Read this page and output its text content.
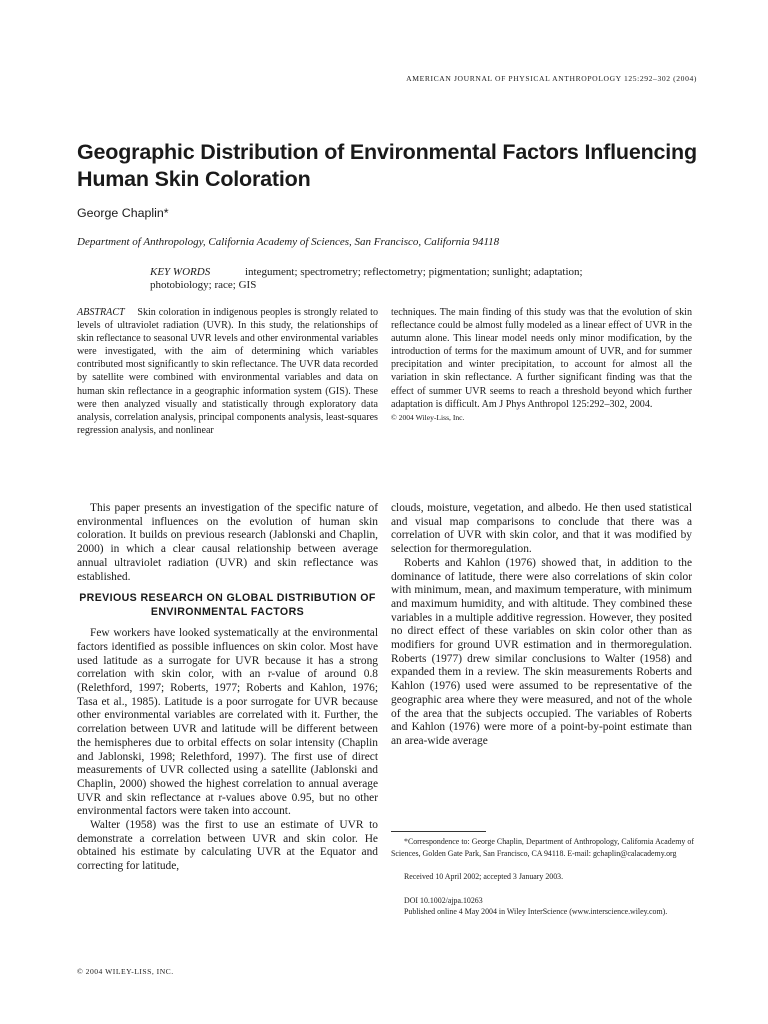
AMERICAN JOURNAL OF PHYSICAL ANTHROPOLOGY 125:292–302 (2004)
Geographic Distribution of Environmental Factors Influencing Human Skin Coloration
George Chaplin*
Department of Anthropology, California Academy of Sciences, San Francisco, California 94118
KEY WORDS	integument; spectrometry; reflectometry; pigmentation; sunlight; adaptation;
photobiology; race; GIS

ABSTRACT Skin coloration in indigenous peoples is strongly related to levels of ultraviolet radiation (UVR). In this study, the relationships of skin reflectance to seasonal UVR levels and other environmental variables were investigated, with the aim of determining which variables contributed most significantly to skin reflectance. The UVR data recorded by satellite were combined with environmental variables and data on human skin reflectance in a geographic information system (GIS). These were then analyzed visually and statistically through exploratory data analysis, correlation analysis, principal components analysis, least-squares regression analysis, and nonlinear

techniques. The main finding of this study was that the evolution of skin reflectance could be almost fully modeled as a linear effect of UVR in the autumn alone. This linear model needs only minor modification, by the introduction of terms for the maximum amount of UVR, and for summer precipitation and winter precipitation, to account for almost all the variation in skin reflectance. A further significant finding was that the effect of summer UVR seems to reach a threshold beyond which further adaptation is difficult. Am J Phys Anthropol 125:292–302, 2004.

© 2004 Wiley-Liss, Inc.

This paper presents an investigation of the specific nature of environmental influences on the evolution of human skin coloration. It builds on previous research (Jablonski and Chaplin, 2000) in which a clear causal relationship between average annual ultraviolet radiation (UVR) and skin reflectance was established.

PREVIOUS RESEARCH ON GLOBAL DISTRIBUTION OF ENVIRONMENTAL FACTORS

Few workers have looked systematically at the environmental factors identified as possible influences on skin color. Most have used latitude as a surrogate for UVR because it has a strong correlation with skin color, with an r-value of around 0.8 (Relethford, 1997; Roberts, 1977; Roberts and Kahlon, 1976; Tasa et al., 1985). Latitude is a poor surrogate for UVR because other environmental variables are correlated with it. Further, the correlation between UVR and latitude will be different between the hemispheres due to orbital effects on solar intensity (Chaplin and Jablonski, 1998; Relethford, 1997). The first use of direct measurements of UVR collected using a satellite (Jablonski and Chaplin, 2000) showed the highest correlation to annual average UVR and skin reflectance at r-values above 0.95, but no other environmental factors were taken into account.

Walter (1958) was the first to use an estimate of UVR to demonstrate a correlation between UVR and skin color. He obtained his estimate by calculating UVR at the Equator and correcting for latitude,

clouds, moisture, vegetation, and albedo. He then used statistical and visual map comparisons to conclude that there was a correlation of UVR with skin color, and that it was modified by selection for thermoregulation.

Roberts and Kahlon (1976) showed that, in addition to the dominance of latitude, there were also correlations of skin color with minimum, mean, and maximum temperature, with minimum and maximum humidity, and with altitude. They combined these variables in a multiple additive regression. However, they posited no direct effect of these variables on skin color other than as modifiers for ground UVR estimation and in thermoregulation. Roberts (1977) drew similar conclusions to Walter (1958) and expanded them in a review. The skin measurements Roberts and Kahlon (1976) used were assumed to be representative of the geographic area where they were measured, and not of the whole of the area that the subjects occupied. The variables of Roberts and Kahlon (1976) were more of a point-by-point estimate than an area-wide average

*Correspondence to: George Chaplin, Department of Anthropology, California Academy of Sciences, Golden Gate Park, San Francisco, CA 94118. E-mail: gchaplin@calacademy.org

Received 10 April 2002; accepted 3 January 2003.

DOI 10.1002/ajpa.10263

Published online 4 May 2004 in Wiley InterScience (www.interscience.wiley.com).

© 2004 WILEY-LISS, INC.
